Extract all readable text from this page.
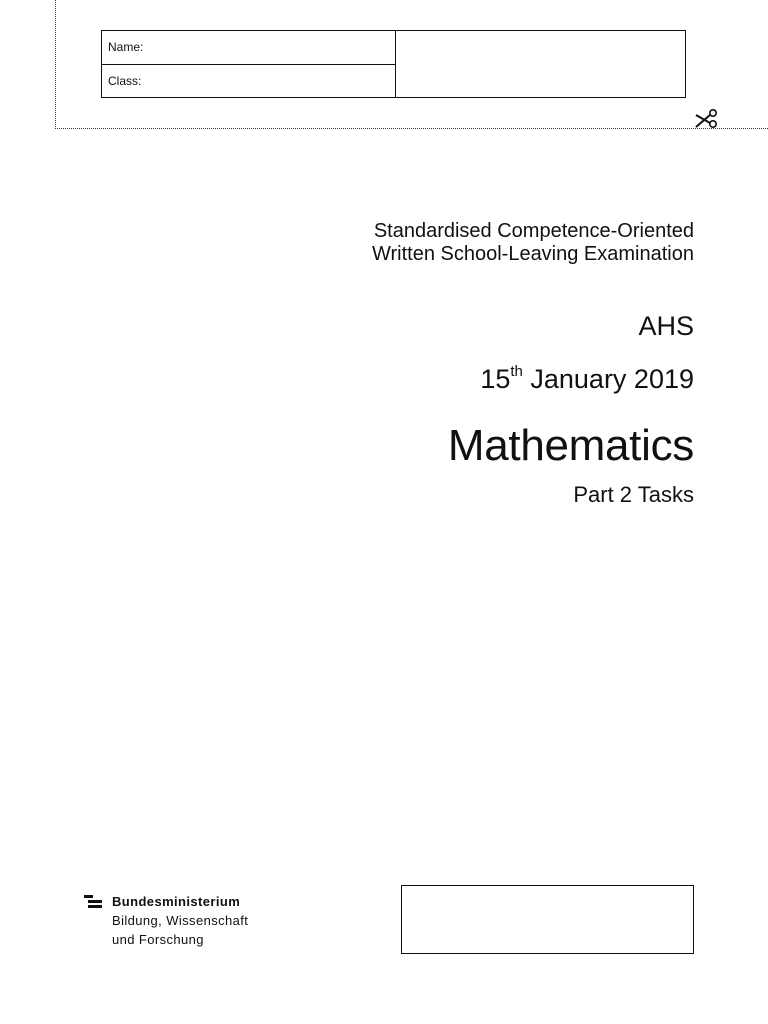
Name:
Class:
Standardised Competence-Oriented
Written School-Leaving Examination
AHS
15th January 2019
Mathematics
Part 2 Tasks
Bundesministerium
Bildung, Wissenschaft
und Forschung
